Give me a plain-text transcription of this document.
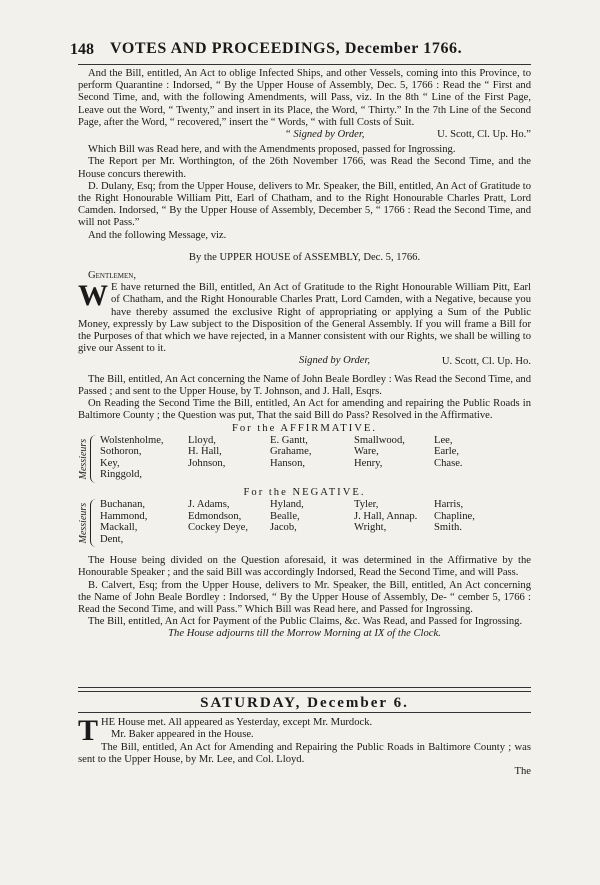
148 VOTES AND PROCEEDINGS, December 1766.

And the Bill, entitled, An Act to oblige Infected Ships, and other Vessels, coming into this Province, to perform Quarantine : Indorsed, “ By the Upper House of Assembly, Dec. 5, 1766 : Read the “ First and Second Time, and, with the following Amendments, will Pass, viz. In the 8th “ Line of the First Page, Leave out the Word, “ Twenty,” and insert in its Place, the Word, “ Thirty.” In the 7th Line of the Second Page, after the Word, “ recovered,” insert the “ Words, “ with full Costs of Suit.

“ Signed by Order,	U. Scott, Cl. Up. Ho.”

Which Bill was Read here, and with the Amendments proposed, passed for Ingrossing.

The Report per Mr. Worthington, of the 26th November 1766, was Read the Second Time, and the House concurs therewith.

D. Dulany, Esq; from the Upper House, delivers to Mr. Speaker, the Bill, entitled, An Act of Gratitude to the Right Honourable William Pitt, Earl of Chatham, and to the Right Honourable Charles Pratt, Lord Camden. Indorsed, “ By the Upper House of Assembly, December 5, “ 1766 : Read the Second Time, and will not Pass.”

And the following Message, viz.

By the UPPER HOUSE of ASSEMBLY, Dec. 5, 1766.

Gentlemen,

W E have returned the Bill, entitled, An Act of Gratitude to the Right Honourable William Pitt, Earl of Chatham, and the Right Honourable Charles Pratt, Lord Camden, with a Negative, because you have thereby assumed the exclusive Right of appropriating or applying a Sum of the Public Money, expressly by Law subject to the Disposition of the General Assembly. If you will frame a Bill for the Purposes of that which we have rejected, in a Manner consistent with our Rights, we shall be willing to give our Assent to it.

Signed by Order,	U. Scott, Cl. Up. Ho.

The Bill, entitled, An Act concerning the Name of John Beale Bordley : Was Read the Second Time, and Passed ; and sent to the Upper House, by T. Johnson, and J. Hall, Esqrs.

On Reading the Second Time the Bill, entitled, An Act for amending and repairing the Public Roads in Baltimore County ; the Question was put, That the said Bill do Pass? Resolved in the Affirmative.

For the AFFIRMATIVE.

Messieurs Wolstenholme,
Sothoron,
Key,
Ringgold,
Lloyd,
H. Hall,
Johnson,
E. Gantt,
Grahame,
Hanson,
Smallwood,
Ware,
Henry,
Lee,
Earle,
Chase.

For the NEGATIVE.

Messieurs Buchanan,
Hammond,
Mackall,
Dent,
J. Adams,
Edmondson,
Cockey Deye,
Hyland,
Bealle,
Jacob,
Tyler,
J. Hall, Annap.
Wright,
Harris,
Chapline,
Smith.

The House being divided on the Question aforesaid, it was determined in the Affirmative by the Honourable Speaker ; and the said Bill was accordingly Indorsed, Read the Second Time, and will Pass.

B. Calvert, Esq; from the Upper House, delivers to Mr. Speaker, the Bill, entitled, An Act concerning the Name of John Beale Bordley : Indorsed, “ By the Upper House of Assembly, De- “ cember 5, 1766 : Read the Second Time, and will Pass.” Which Bill was Read here, and Passed for Ingrossing.

The Bill, entitled, An Act for Payment of the Public Claims, &c. Was Read, and Passed for Ingrossing.

The House adjourns till the Morrow Morning at IX of the Clock.

SATURDAY, December 6.

THE House met. All appeared as Yesterday, except Mr. Murdock.

Mr. Baker appeared in the House.

The Bill, entitled, An Act for Amending and Repairing the Public Roads in Baltimore County ; was sent to the Upper House, by Mr. Lee, and Col. Lloyd.

The
